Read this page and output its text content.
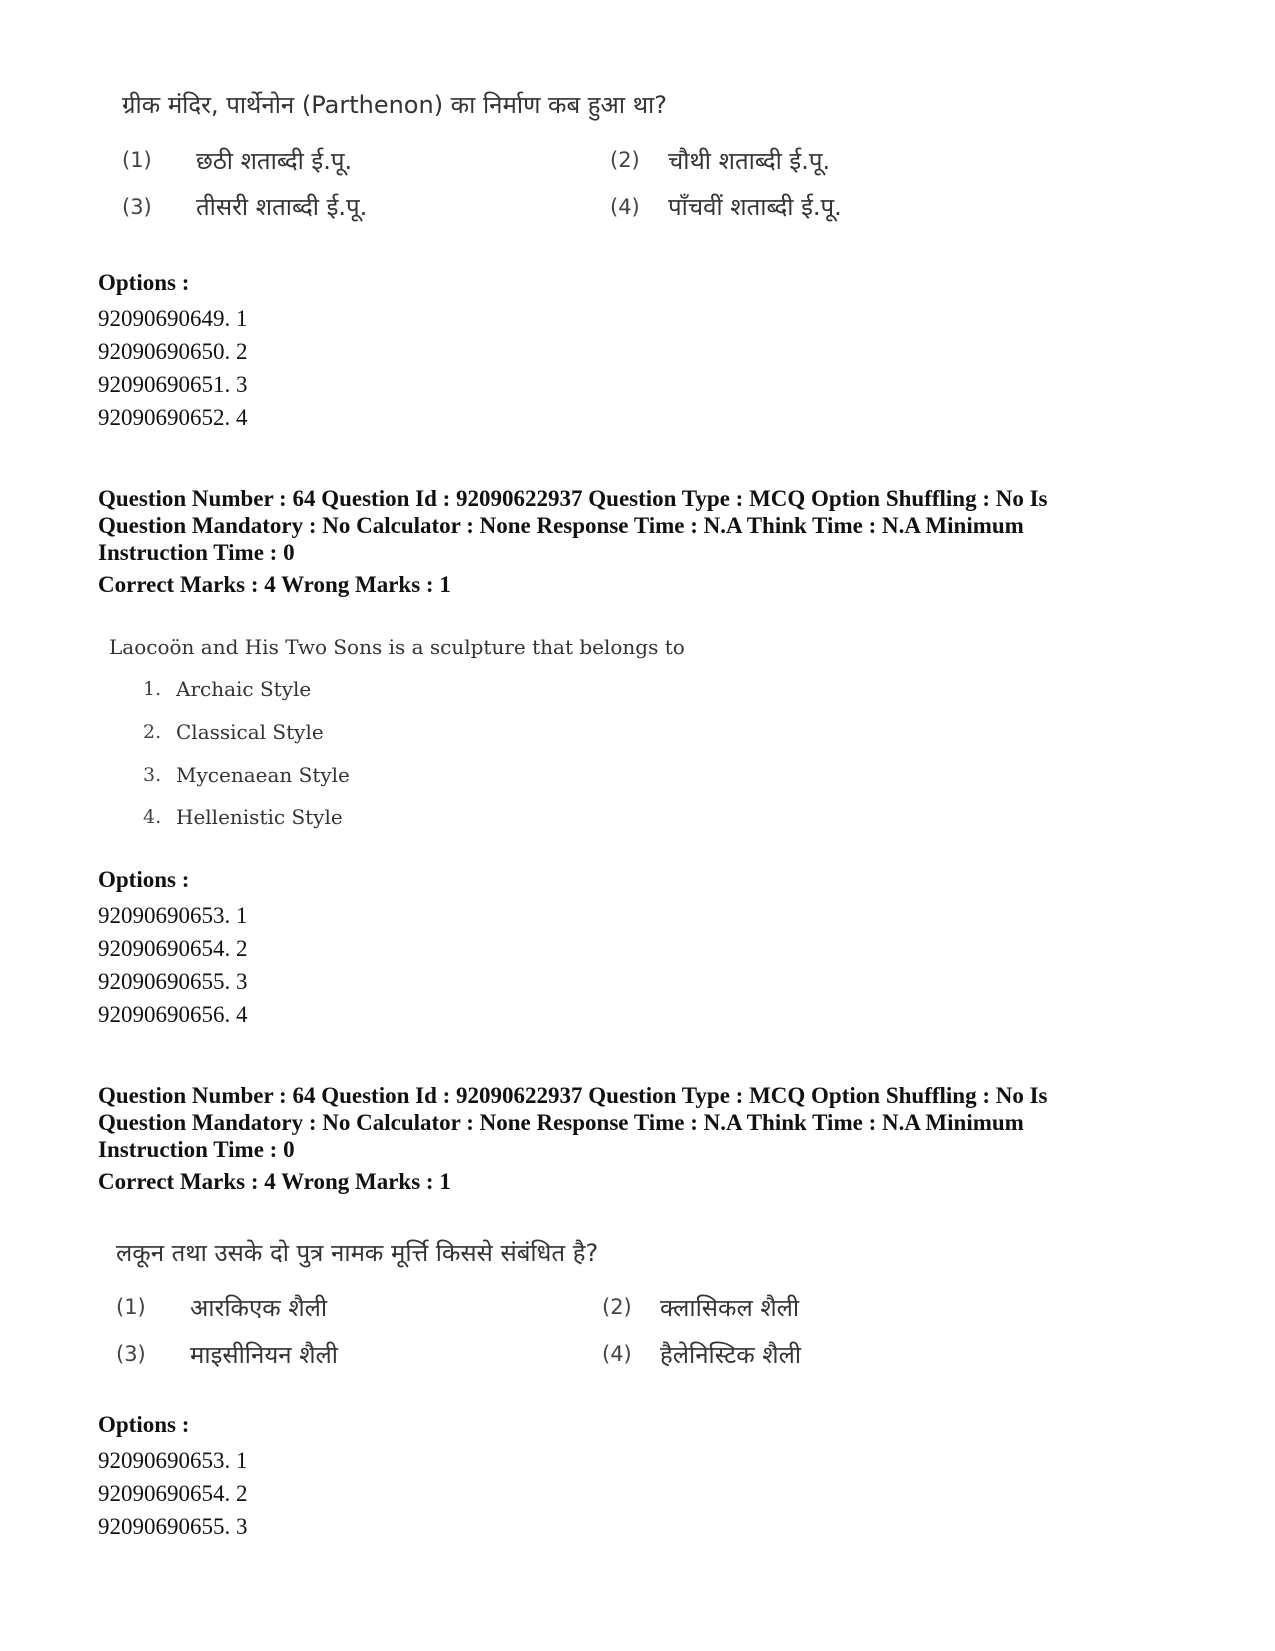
ग्रीक मंदिर, पार्थेनोन (Parthenon) का निर्माण कब हुआ था?
(1) छठी शताब्दी ई.पू.	(2) चौथी शताब्दी ई.पू.
(3) तीसरी शताब्दी ई.पू.	(4) पाँचवीं शताब्दी ई.पू.
Options :
92090690649. 1
92090690650. 2
92090690651. 3
92090690652. 4
Question Number : 64 Question Id : 92090622937 Question Type : MCQ Option Shuffling : No Is
Question Mandatory : No Calculator : None Response Time : N.A Think Time : N.A Minimum
Instruction Time : 0
Correct Marks : 4 Wrong Marks : 1
Laocoön and His Two Sons is a sculpture that belongs to
1. Archaic Style
2. Classical Style
3. Mycenaean Style
4. Hellenistic Style
Options :
92090690653. 1
92090690654. 2
92090690655. 3
92090690656. 4
Question Number : 64 Question Id : 92090622937 Question Type : MCQ Option Shuffling : No Is
Question Mandatory : No Calculator : None Response Time : N.A Think Time : N.A Minimum
Instruction Time : 0
Correct Marks : 4 Wrong Marks : 1
लकून तथा उसके दो पुत्र नामक मूर्त्ति किससे संबंधित है?
(1) आरकिएक शैली	(2) क्लासिकल शैली
(3) माइसीनियन शैली	(4) हैलेनिस्टिक शैली
Options :
92090690653. 1
92090690654. 2
92090690655. 3
